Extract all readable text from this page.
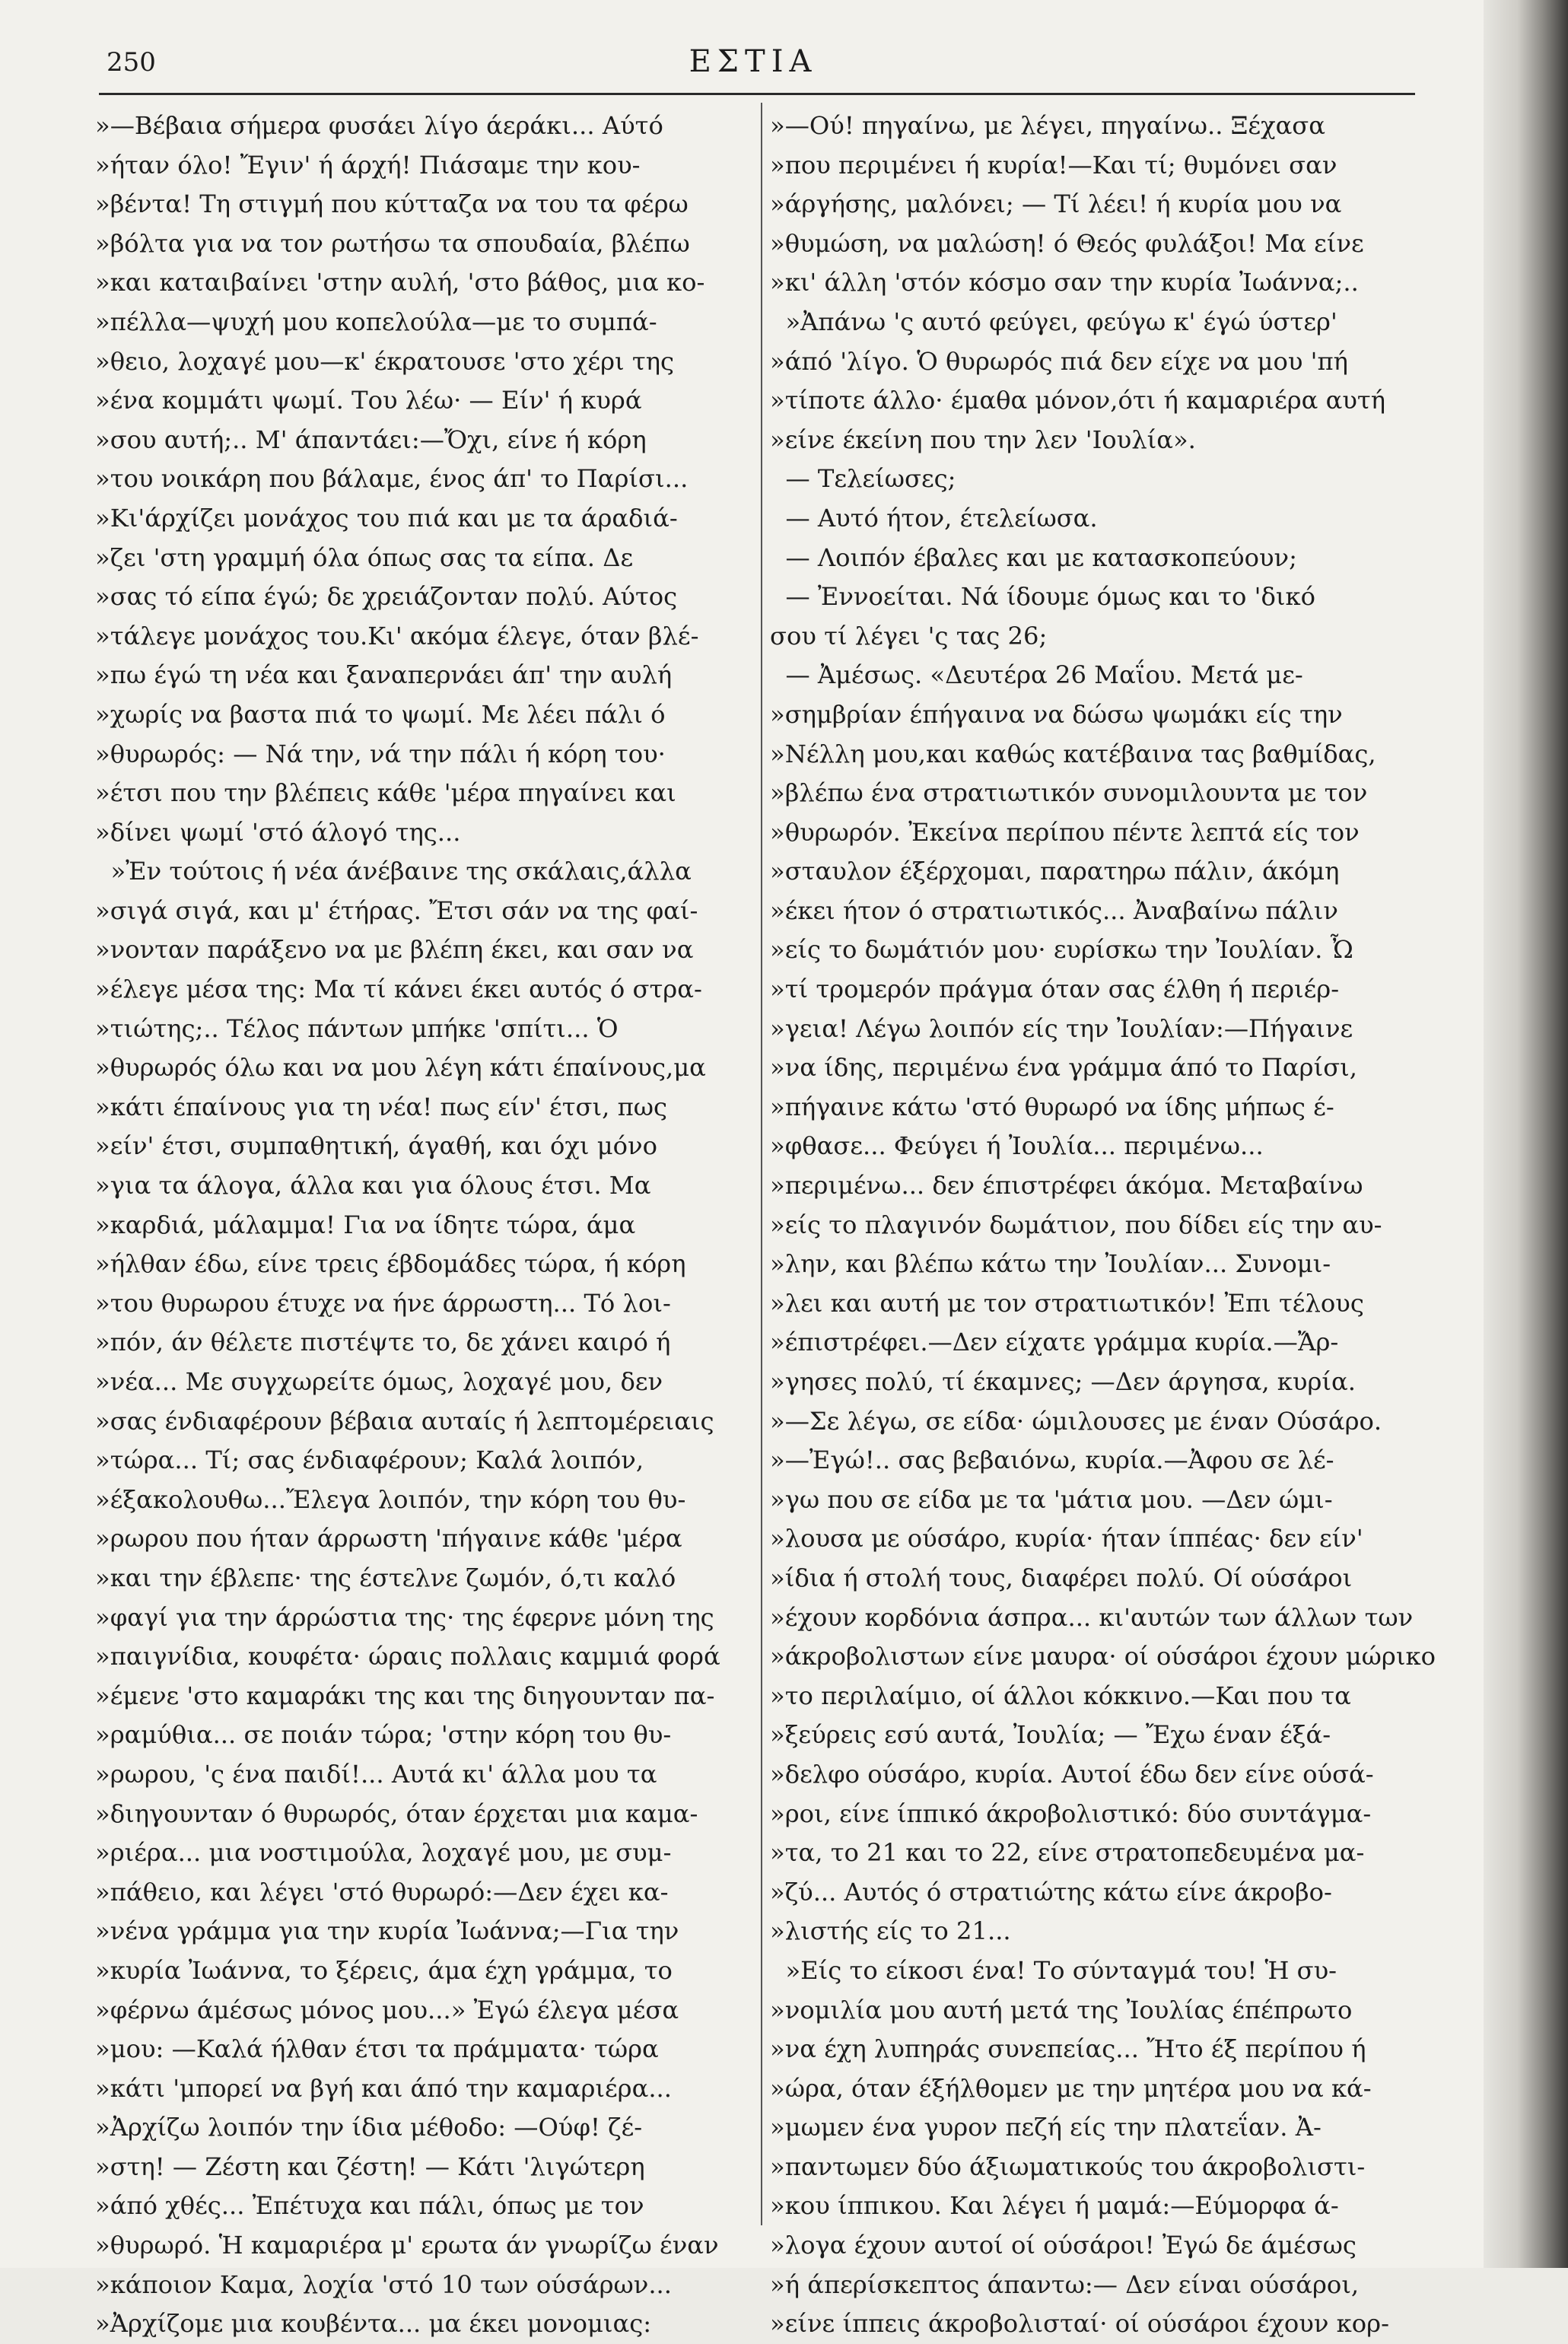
250	ΕΣΤΙΑ
»—Βέβαια σήμερα φυσάει λίγο άεράκι... Αύτό
»ήταν όλο! Ἔγιν' ή άρχή! Πιάσαμε την κου-
»βέντα! Τη στιγμή που κύτταζα να του τα φέρω
»βόλτα για να τον ρωτήσω τα σπουδαία, βλέπω
»και καταιβαίνει 'στην αυλή, 'στο βάθος, μια κο-
»πέλλα—ψυχή μου κοπελούλα—με το συμπά-
»θειο, λοχαγέ μου—κ' έκρατουσε 'στο χέρι της
»ένα κομμάτι ψωμί. Του λέω· — Είν' ή κυρά
»σου αυτή;.. Μ' άπαντάει:—Ὄχι, είνε ή κόρη
»του νοικάρη που βάλαμε, ένος άπ' το Παρίσι...
»Κι'άρχίζει μονάχος του πιά και με τα άραδιά-
»ζει 'στη γραμμή όλα όπως σας τα είπα. Δε
»σας τό είπα έγώ; δε χρειάζονταν πολύ. Αύτος
»τάλεγε μονάχος του.Κι' ακόμα έλεγε, όταν βλέ-
»πω έγώ τη νέα και ξαναπερνάει άπ' την αυλή
»χωρίς να βαστα πιά το ψωμί. Με λέει πάλι ό
»θυρωρός: — Νά την, νά την πάλι ή κόρη του·
»έτσι που την βλέπεις κάθε 'μέρα πηγαίνει και
»δίνει ψωμί 'στό άλογό της...
»Ἐν τούτοις ή νέα άνέβαινε της σκάλαις,άλλα
»σιγά σιγά, και μ' έτήρας. Ἔτσι σάν να της φαί-
»νονταν παράξενο να με βλέπη έκει, και σαν να
»έλεγε μέσα της: Μα τί κάνει έκει αυτός ό στρα-
»τιώτης;.. Τέλος πάντων μπήκε 'σπίτι... Ὁ
»θυρωρός όλω και να μου λέγη κάτι έπαίνους,μα
»κάτι έπαίνους για τη νέα! πως είν' έτσι, πως
»είν' έτσι, συμπαθητική, άγαθή, και όχι μόνο
»για τα άλογα, άλλα και για όλους έτσι. Μα
»καρδιά, μάλαμμα! Για να ίδητε τώρα, άμα
»ήλθαν έδω, είνε τρεις έβδομάδες τώρα, ή κόρη
»του θυρωρου έτυχε να ήνε άρρωστη... Τό λοι-
»πόν, άν θέλετε πιστέψτε το, δε χάνει καιρό ή
»νέα... Με συγχωρείτε όμως, λοχαγέ μου, δεν
»σας ένδιαφέρουν βέβαια αυταίς ή λεπτομέρειαις
»τώρα... Τί; σας ένδιαφέρουν; Καλά λοιπόν,
»έξακολουθω...Ἔλεγα λοιπόν, την κόρη του θυ-
»ρωρου που ήταν άρρωστη 'πήγαινε κάθε 'μέρα
»και την έβλεπε· της έστελνε ζωμόν, ό,τι καλό
»φαγί για την άρρώστια της· της έφερνε μόνη της
»παιγνίδια, κουφέτα· ώραις πολλαις καμμιά φορά
»έμενε 'στο καμαράκι της και της διηγουνταν πα-
»ραμύθια... σε ποιάν τώρα; 'στην κόρη του θυ-
»ρωρου, 'ς ένα παιδί!... Αυτά κι' άλλα μου τα
»διηγουνταν ό θυρωρός, όταν έρχεται μια καμα-
»ριέρα... μια νοστιμούλα, λοχαγέ μου, με συμ-
»πάθειο, και λέγει 'στό θυρωρό:—Δεν έχει κα-
»νένα γράμμα για την κυρία Ἰωάννα;—Για την
»κυρία Ἰωάννα, το ξέρεις, άμα έχη γράμμα, το
»φέρνω άμέσως μόνος μου...» Ἐγώ έλεγα μέσα
»μου: —Καλά ήλθαν έτσι τα πράμματα· τώρα
»κάτι 'μπορεί να βγή και άπό την καμαριέρα...
»Ἀρχίζω λοιπόν την ίδια μέθοδο: —Ούφ! ζέ-
»στη! — Ζέστη και ζέστη! — Κάτι 'λιγώτερη
»άπό χθές... Ἐπέτυχα και πάλι, όπως με τον
»θυρωρό. Ἡ καμαριέρα μ' ερωτα άν γνωρίζω έναν
»κάποιον Καμα, λοχία 'στό 10 των ούσάρων...
»Ἀρχίζομε μια κουβέντα... μα έκει μονομιας:
»—Ού! πηγαίνω, με λέγει, πηγαίνω.. Ξέχασα
»που περιμένει ή κυρία!—Και τί; θυμόνει σαν
»άργήσης, μαλόνει; — Τί λέει! ή κυρία μου να
»θυμώση, να μαλώση! ό Θεός φυλάξοι! Μα είνε
»κι' άλλη 'στόν κόσμο σαν την κυρία Ἰωάννα;..
»Ἀπάνω 'ς αυτό φεύγει, φεύγω κ' έγώ ύστερ'
»άπό 'λίγο. Ὁ θυρωρός πιά δεν είχε να μου 'πή
»τίποτε άλλο· έμαθα μόνον,ότι ή καμαριέρα αυτή
»είνε έκείνη που την λεν 'Ιουλία».
— Τελείωσες;
— Αυτό ήτον, έτελείωσα.
— Λοιπόν έβαλες και με κατασκοπεύουν;
— Ἐννοείται. Νά ίδουμε όμως και το 'δικό
σου τί λέγει 'ς τας 26;
— Ἀμέσως. «Δευτέρα 26 Μαΐου. Μετά με-
»σημβρίαν έπήγαινα να δώσω ψωμάκι είς την
»Νέλλη μου,και καθώς κατέβαινα τας βαθμίδας,
»βλέπω ένα στρατιωτικόν συνομιλουντα με τον
»θυρωρόν. Ἐκείνα περίπου πέντε λεπτά είς τον
»σταυλον έξέρχομαι, παρατηρω πάλιν, άκόμη
»έκει ήτον ό στρατιωτικός... Ἀναβαίνω πάλιν
»είς το δωμάτιόν μου· ευρίσκω την Ἰουλίαν. Ὦ
»τί τρομερόν πράγμα όταν σας έλθη ή περιέρ-
»γεια! Λέγω λοιπόν είς την Ἰουλίαν:—Πήγαινε
»να ίδης, περιμένω ένα γράμμα άπό το Παρίσι,
»πήγαινε κάτω 'στό θυρωρό να ίδης μήπως έ-
»φθασε... Φεύγει ή Ἰουλία... περιμένω...
»περιμένω... δεν έπιστρέφει άκόμα. Μεταβαίνω
»είς το πλαγινόν δωμάτιον, που δίδει είς την αυ-
»λην, και βλέπω κάτω την Ἰουλίαν... Συνομι-
»λει και αυτή με τον στρατιωτικόν! Ἐπι τέλους
»έπιστρέφει.—Δεν είχατε γράμμα κυρία.—Ἄρ-
»γησες πολύ, τί έκαμνες; —Δεν άργησα, κυρία.
»—Σε λέγω, σε είδα· ώμιλουσες με έναν Ούσάρο.
»—Ἐγώ!.. σας βεβαιόνω, κυρία.—Ἀφου σε λέ-
»γω που σε είδα με τα 'μάτια μου. —Δεν ώμι-
»λουσα με ούσάρο, κυρία· ήταν ίππέας· δεν είν'
»ίδια ή στολή τους, διαφέρει πολύ. Οί ούσάροι
»έχουν κορδόνια άσπρα... κι'αυτών των άλλων των
»άκροβολιστων είνε μαυρα· οί ούσάροι έχουν μώρικο
»το περιλαίμιο, οί άλλοι κόκκινο.—Και που τα
»ξεύρεις εσύ αυτά, Ἰουλία; — Ἔχω έναν έξά-
»δελφο ούσάρο, κυρία. Αυτοί έδω δεν είνε ούσά-
»ροι, είνε ίππικό άκροβολιστικό: δύο συντάγμα-
»τα, το 21 και το 22, είνε στρατοπεδευμένα μα-
»ζύ... Αυτός ό στρατιώτης κάτω είνε άκροβο-
»λιστής είς το 21...
»Είς το είκοσι ένα! Το σύνταγμά του! Ἡ συ-
»νομιλία μου αυτή μετά της Ἰουλίας έπέπρωτο
»να έχη λυπηράς συνεπείας... Ἤτο έξ περίπου ή
»ώρα, όταν έξήλθομεν με την μητέρα μου να κά-
»μωμεν ένα γυρον πεζή είς την πλατεΐαν. Ἀ-
»παντωμεν δύο άξιωματικούς του άκροβολιστι-
»κου ίππικου. Και λέγει ή μαμά:—Εύμορφα ά-
»λογα έχουν αυτοί οί ούσάροι! Ἐγώ δε άμέσως
»ή άπερίσκεπτος άπαντω:— Δεν είναι ούσάροι,
»είνε ίππεις άκροβολισταί· οί ούσάροι έχουν κορ-
